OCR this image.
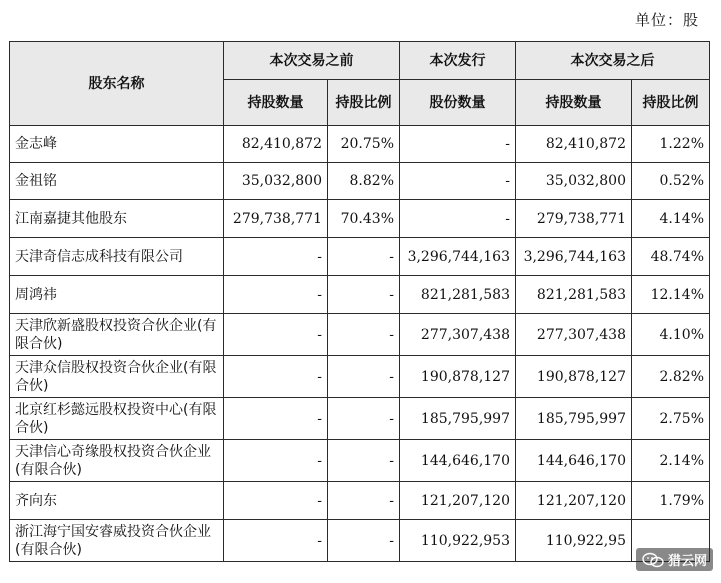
单位：股
股东名称	本次交易之前		本次发行	本次交易之后	
	持股数量	持股比例	股份数量	持股数量	持股比例
金志峰	82,410,872	20.75%	-	82,410,872	1.22%
金祖铭	35,032,800	8.82%	-	35,032,800	0.52%
江南嘉捷其他股东	279,738,771	70.43%	-	279,738,771	4.14%
天津奇信志成科技有限公司	-	-	3,296,744,163	3,296,744,163	48.74%
周鸿祎	-	-	821,281,583	821,281,583	12.14%
天津欣新盛股权投资合伙企业(有限合伙)	-	-	277,307,438	277,307,438	4.10%
天津众信股权投资合伙企业(有限合伙)	-	-	190,878,127	190,878,127	2.82%
北京红杉懿远股权投资中心(有限合伙)	-	-	185,795,997	185,795,997	2.75%
天津信心奇缘股权投资合伙企业(有限合伙)	-	-	144,646,170	144,646,170	2.14%
齐向东	-	-	121,207,120	121,207,120	1.79%
浙江海宁国安睿威投资合伙企业(有限合伙)	-	-	110,922,953	110,922,95	
猎云网
